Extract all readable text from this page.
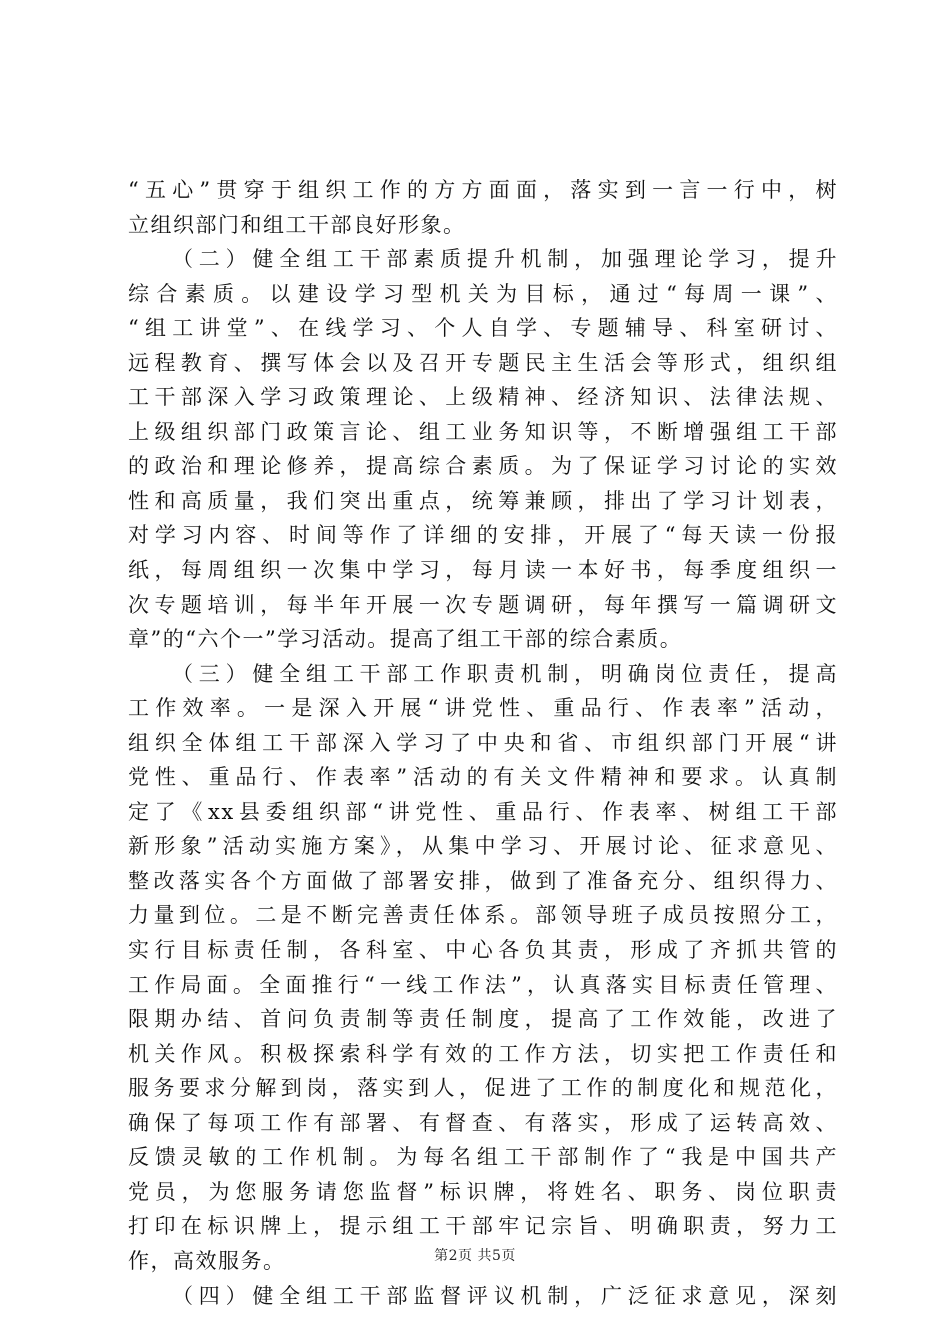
“五心”贯穿于组织工作的方方面面，落实到一言一行中，树
立组织部门和组工干部良好形象。
（二）健全组工干部素质提升机制，加强理论学习，提升
综合素质。以建设学习型机关为目标，通过“每周一课”、
“组工讲堂”、在线学习、个人自学、专题辅导、科室研讨、
远程教育、撰写体会以及召开专题民主生活会等形式，组织组
工干部深入学习政策理论、上级精神、经济知识、法律法规、
上级组织部门政策言论、组工业务知识等，不断增强组工干部
的政治和理论修养，提高综合素质。为了保证学习讨论的实效
性和高质量，我们突出重点，统筹兼顾，排出了学习计划表，
对学习内容、时间等作了详细的安排，开展了“每天读一份报
纸，每周组织一次集中学习，每月读一本好书，每季度组织一
次专题培训，每半年开展一次专题调研，每年撰写一篇调研文
章”的“六个一”学习活动。提高了组工干部的综合素质。
（三）健全组工干部工作职责机制，明确岗位责任，提高
工作效率。一是深入开展“讲党性、重品行、作表率”活动，
组织全体组工干部深入学习了中央和省、市组织部门开展“讲
党性、重品行、作表率”活动的有关文件精神和要求。认真制
定了《xx县委组织部“讲党性、重品行、作表率、树组工干部
新形象”活动实施方案》，从集中学习、开展讨论、征求意见、
整改落实各个方面做了部署安排，做到了准备充分、组织得力、
力量到位。二是不断完善责任体系。部领导班子成员按照分工，
实行目标责任制，各科室、中心各负其责，形成了齐抓共管的
工作局面。全面推行“一线工作法”，认真落实目标责任管理、
限期办结、首问负责制等责任制度，提高了工作效能，改进了
机关作风。积极探索科学有效的工作方法，切实把工作责任和
服务要求分解到岗，落实到人，促进了工作的制度化和规范化，
确保了每项工作有部署、有督查、有落实，形成了运转高效、
反馈灵敏的工作机制。为每名组工干部制作了“我是中国共产
党员，为您服务请您监督”标识牌，将姓名、职务、岗位职责
打印在标识牌上，提示组工干部牢记宗旨、明确职责，努力工
作，高效服务。
（四）健全组工干部监督评议机制，广泛征求意见，深刻
第2页 共5页
